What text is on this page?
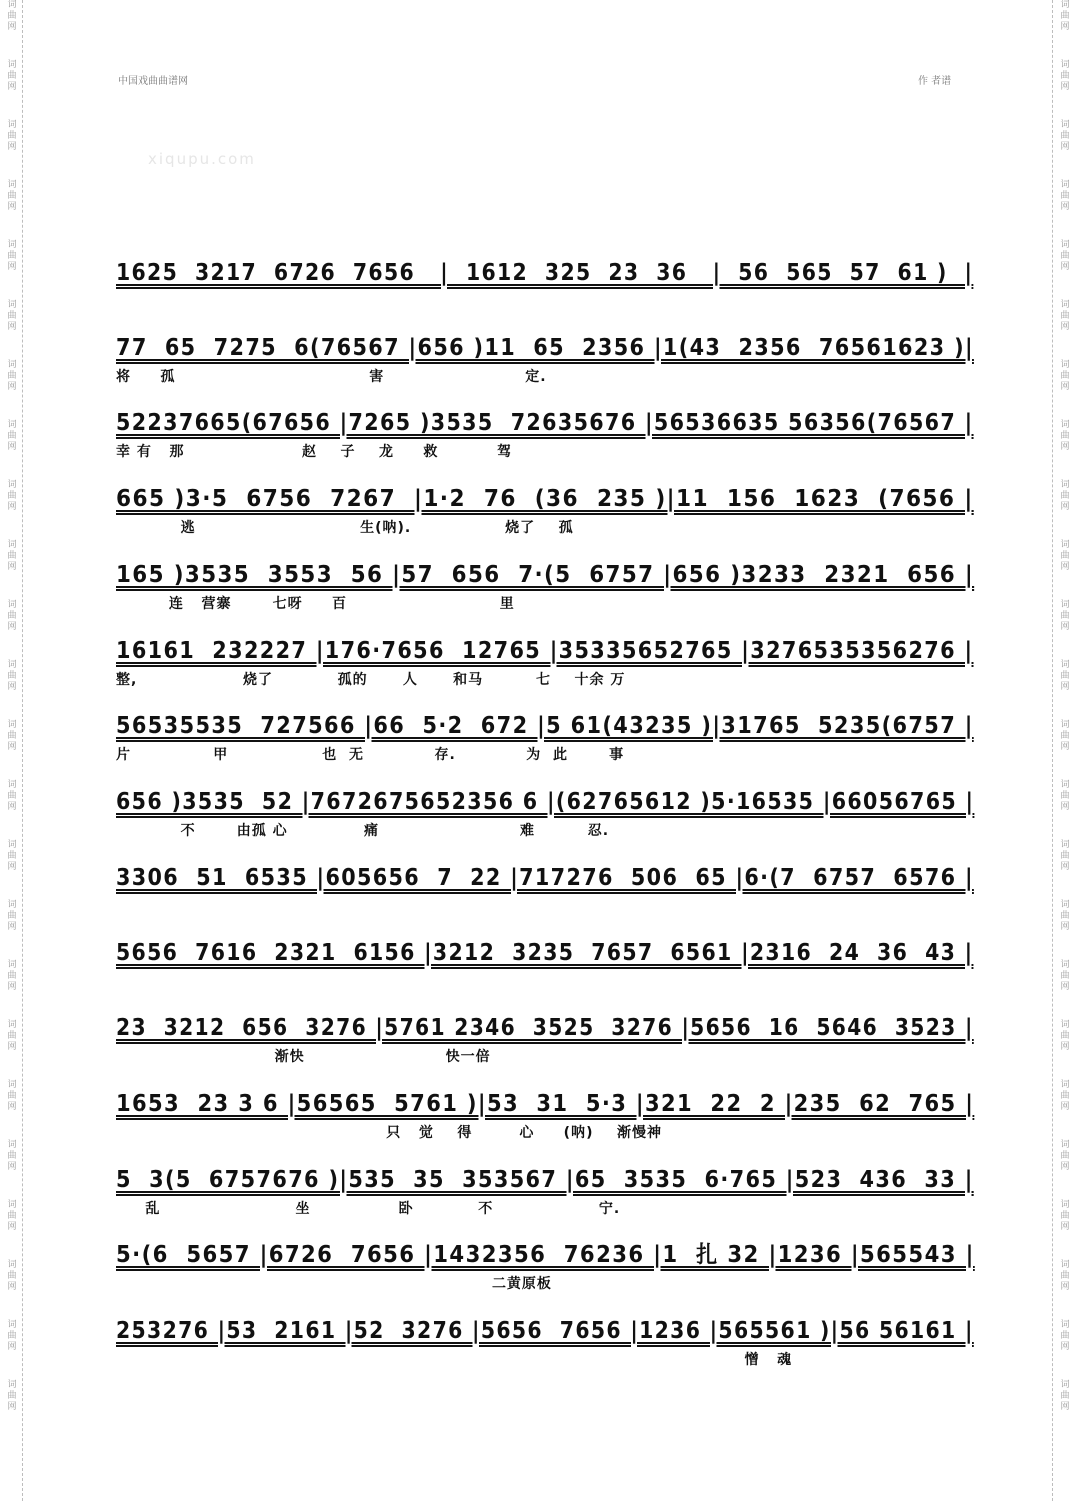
词
曲
网
词
曲
网
词
曲
网
词
曲
网
词
曲
网
词
曲
网
词
曲
网
词
曲
网
词
曲
网
词
曲
网
词
曲
网
词
曲
网
词
曲
网
词
曲
网
词
曲
网
词
曲
网
词
曲
网
词
曲
网
词
曲
网
词
曲
网
词
曲
网
词
曲
网
词
曲
网
词
曲
网
词
曲
网
词
曲
网
词
曲
网
词
曲
网
词
曲
网
词
曲
网
词
曲
网
词
曲
网
词
曲
网
词
曲
网
词
曲
网
词
曲
网
词
曲
网
词
曲
网
词
曲
网
词
曲
网
词
曲
网
词
曲
网
词
曲
网
词
曲
网
词
曲
网
词
曲
网
词
曲
网
词
曲
网
中国戏曲曲谱网	作 者谱
xiqupu.com
1625  3217  6726  7656   |  1612  325  23  36   |  56  565  57  61 )  |
77  65  7275  6(76567 |656 )11  65  2356 |1(43  2356  76561623 )|
将     孤                                 害                        定.
52237665(67656 |7265 )3535  72635676 |56536635 56356(76567 |
幸 有   那                    赵    子    龙     救          驾
665 )3·5  6756  7267  |1·2  76  (36  235 )|11  156  1623  (7656 |
逃                            生(呐).                烧了    孤
165 )3535  3553  56 |57  656  7·(5  6757 |656 )3233  2321  656 |
连   营寨       七呀     百                          里
16161  232227 |176·7656  12765 |35335652765 |3276535356276 |
整,                  烧了           孤的      人      和马         七    十余 万
56535535  727566 |66  5·2  672 |5 61(43235 )|31765  5235(6757 |
片              甲                也  无            存.            为  此       事
656 )3535  52 |7672675652356 6 |(62765612 )5·16535 |66056765 |
不       由孤 心             痛                        难         忍.
3306  51  6535 |605656  7  22 |717276  506  65 |6·(7  6757  6576 |
5656  7616  2321  6156 |3212  3235  7657  6561 |2316  24  36  43 |
23  3212  656  3276 |5761 2346  3525  3276 |5656  16  5646  3523 |
渐快                        快一倍
1653  23 3 6 |56565  5761 )|53  31  5·3 |321  22  2 |235  62  765 |
只   觉    得        心     (呐)    渐慢神
5  3(5  6757676 )|535  35  353567 |65  3535  6·765 |523  436  33 |
乱                       坐               卧           不                  宁.
5·(6  5657 |6726  7656 |1432356  76236 |1  扎 32 |1236 |565543 |
二黄原板
253276 |53  2161 |52  3276 |5656  7656 |1236 |565561 )|56 56161 |
憎   魂
